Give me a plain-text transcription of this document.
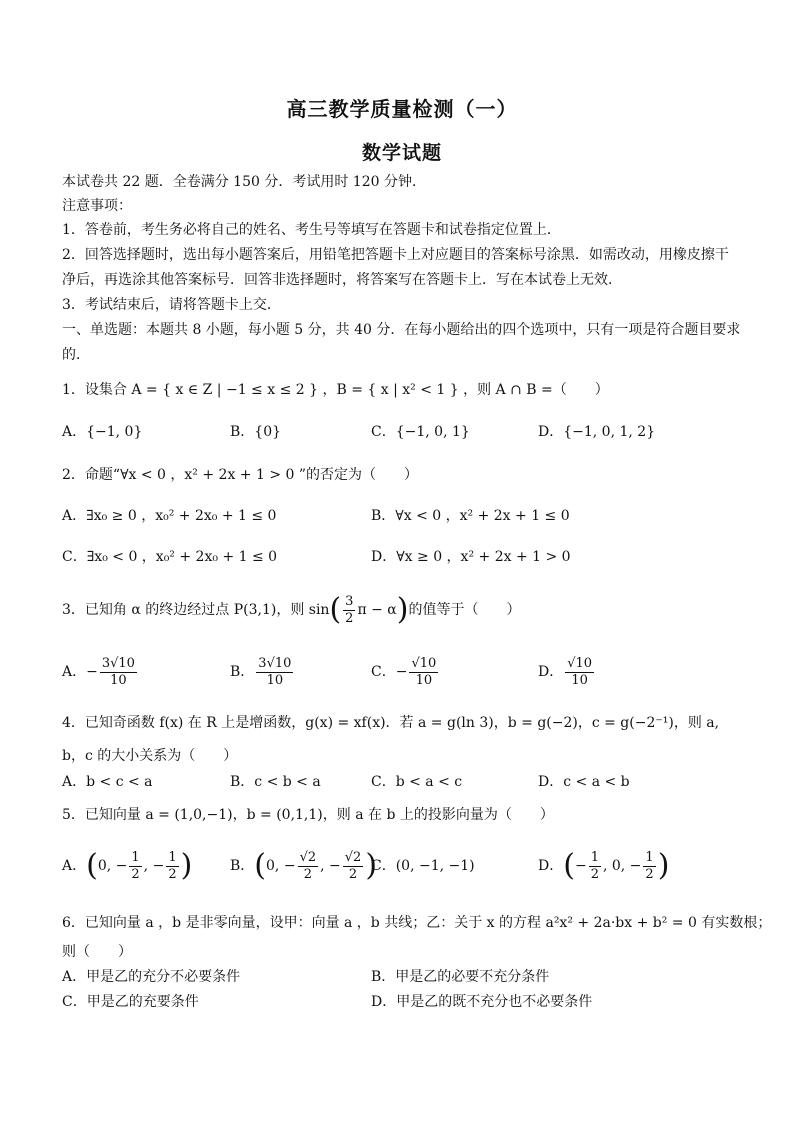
高三教学质量检测（一）
数学试题
本试卷共 22 题．全卷满分 150 分．考试用时 120 分钟．
注意事项：
1．答卷前，考生务必将自己的姓名、考生号等填写在答题卡和试卷指定位置上．
2．回答选择题时，选出每小题答案后，用铅笔把答题卡上对应题目的答案标号涂黑．如需改动，用橡皮擦干
净后，再选涂其他答案标号．回答非选择题时，将答案写在答题卡上．写在本试卷上无效．
3．考试结束后，请将答题卡上交．
一、单选题：本题共 8 小题，每小题 5 分，共 40 分．在每小题给出的四个选项中，只有一项是符合题目要求
的．
1．设集合 A = { x ∈ Z | −1 ≤ x ≤ 2 } ，B = { x | x² < 1 } ，则 A ∩ B =（　　）
A．{−1, 0}	B．{0}	C．{−1, 0, 1}	D．{−1, 0, 1, 2}
2．命题“∀x < 0 ，x² + 2x + 1 > 0 ”的否定为（　　）
A．∃x₀ ≥ 0 ，x₀² + 2x₀ + 1 ≤ 0	B．∀x < 0 ，x² + 2x + 1 ≤ 0
C．∃x₀ < 0 ，x₀² + 2x₀ + 1 ≤ 0	D．∀x ≥ 0 ，x² + 2x + 1 > 0
3．已知角 α 的终边经过点 P(3,1)，则 $\sin( \frac{3}{2}$ π − α)的值等于（　　）
A．− $\frac{3√10}{10}$	B． $\frac{3√10}{10}$	C．− $\frac{√10}{10}$	D． $\frac{√10}{10}$
4．已知奇函数 f(x) 在 R 上是增函数，g(x) = xf(x)．若 a = g(ln 3)，b = g(−2)，c = g(−2⁻¹)，则 a,
b，c 的大小关系为（　　）
A．b < c < a	B．c < b < a	C．b < a < c	D．c < a < b
5．已知向量 a = (1,0,−1)，b = (0,1,1)，则 a 在 b 上的投影向量为（　　）
A．(0, − $\frac{1}{2}$ , − $\frac{1}{2}$ )	B．(0, − $\frac{√2}{2}$ , − $\frac{√2}{2}$ )
C．(0, −1, −1)	D．(− $\frac{1}{2}$ , 0, − $\frac{1}{2}$ )
6．已知向量 a ，b 是非零向量，设甲：向量 a ，b 共线；乙：关于 x 的方程 a²x² + 2a·bx + b² = 0 有实数根；
则（　　）
A．甲是乙的充分不必要条件	B．甲是乙的必要不充分条件
C．甲是乙的充要条件	D．甲是乙的既不充分也不必要条件
